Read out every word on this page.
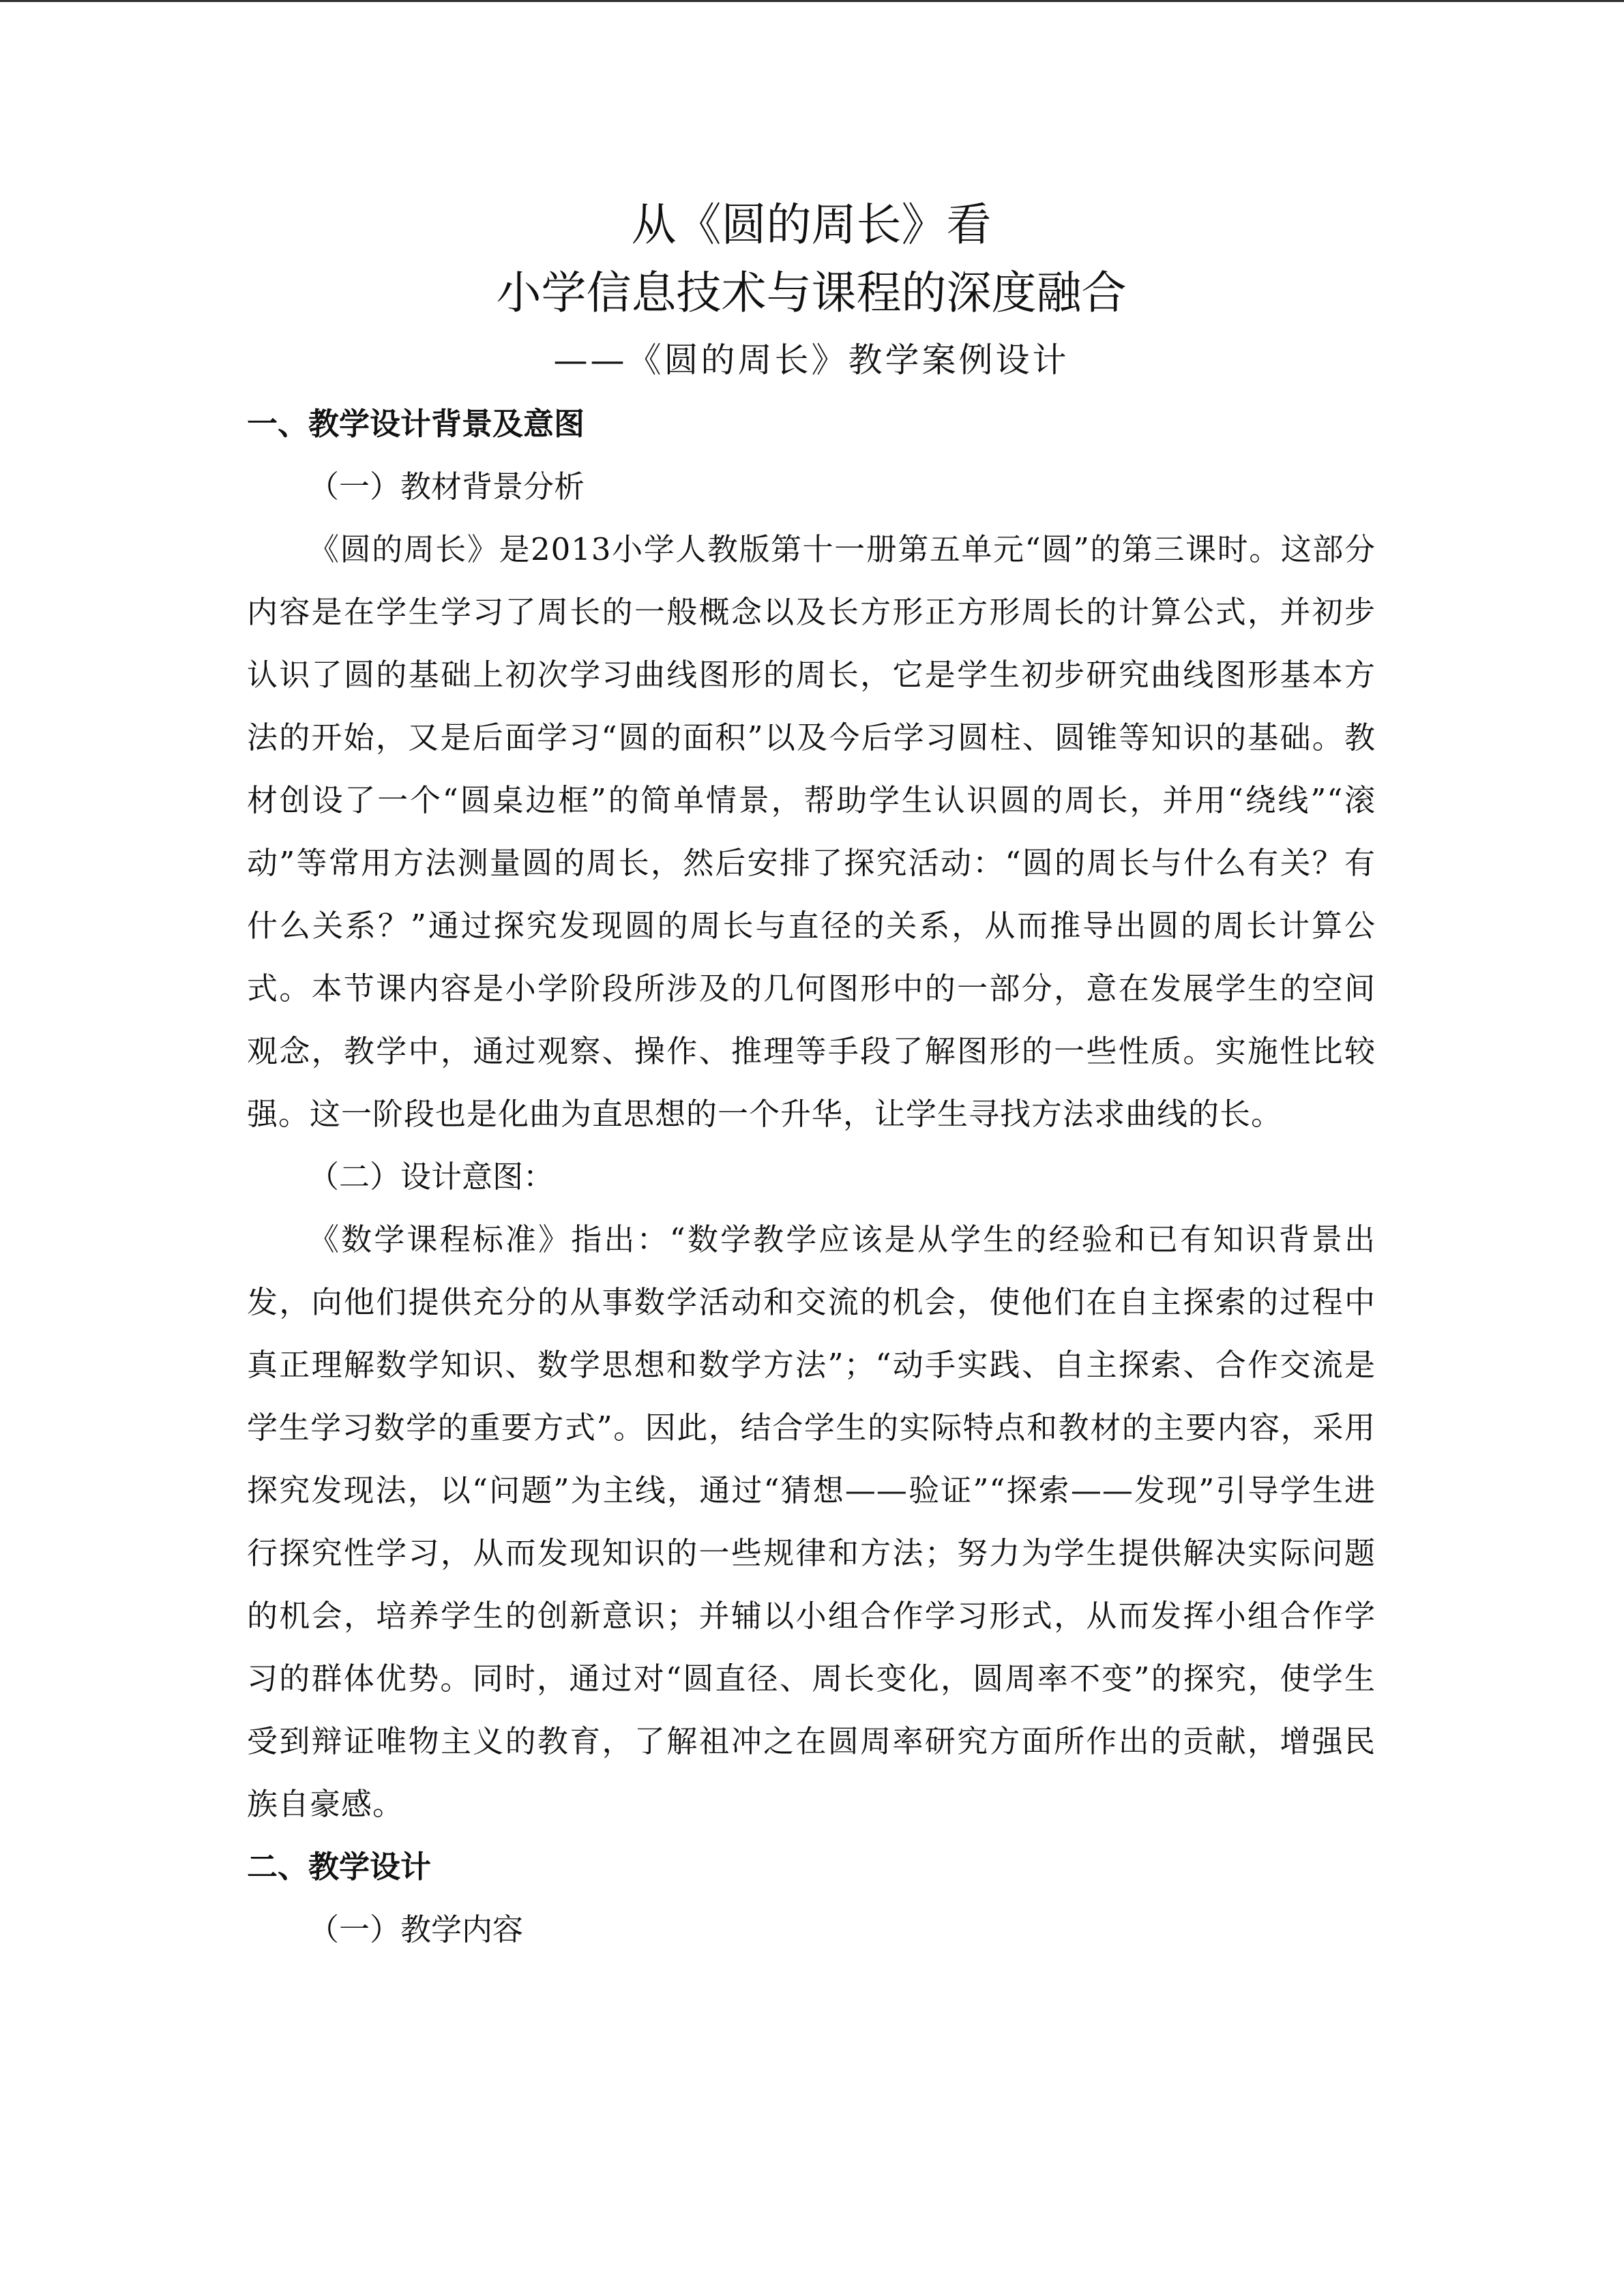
从《圆的周长》看
小学信息技术与课程的深度融合

——《圆的周长》教学案例设计

一、教学设计背景及意图

（一）教材背景分析

《圆的周长》是2013小学人教版第十一册第五单元“圆”的第三课时。这部分内容是在学生学习了周长的一般概念以及长方形正方形周长的计算公式，并初步认识了圆的基础上初次学习曲线图形的周长，它是学生初步研究曲线图形基本方法的开始，又是后面学习“圆的面积”以及今后学习圆柱、圆锥等知识的基础。教材创设了一个“圆桌边框”的简单情景，帮助学生认识圆的周长，并用“绕线”“滚动”等常用方法测量圆的周长，然后安排了探究活动：“圆的周长与什么有关？有什么关系？”通过探究发现圆的周长与直径的关系，从而推导出圆的周长计算公式。本节课内容是小学阶段所涉及的几何图形中的一部分，意在发展学生的空间观念，教学中，通过观察、操作、推理等手段了解图形的一些性质。实施性比较强。这一阶段也是化曲为直思想的一个升华，让学生寻找方法求曲线的长。

（二）设计意图：

《数学课程标准》指出：“数学教学应该是从学生的经验和已有知识背景出发，向他们提供充分的从事数学活动和交流的机会，使他们在自主探索的过程中真正理解数学知识、数学思想和数学方法”；“动手实践、自主探索、合作交流是学生学习数学的重要方式”。因此，结合学生的实际特点和教材的主要内容，采用探究发现法，以“问题”为主线，通过“猜想——验证”“探索——发现”引导学生进行探究性学习，从而发现知识的一些规律和方法；努力为学生提供解决实际问题的机会，培养学生的创新意识；并辅以小组合作学习形式，从而发挥小组合作学习的群体优势。同时，通过对“圆直径、周长变化，圆周率不变”的探究，使学生受到辩证唯物主义的教育，了解祖冲之在圆周率研究方面所作出的贡献，增强民族自豪感。

二、教学设计

（一）教学内容
